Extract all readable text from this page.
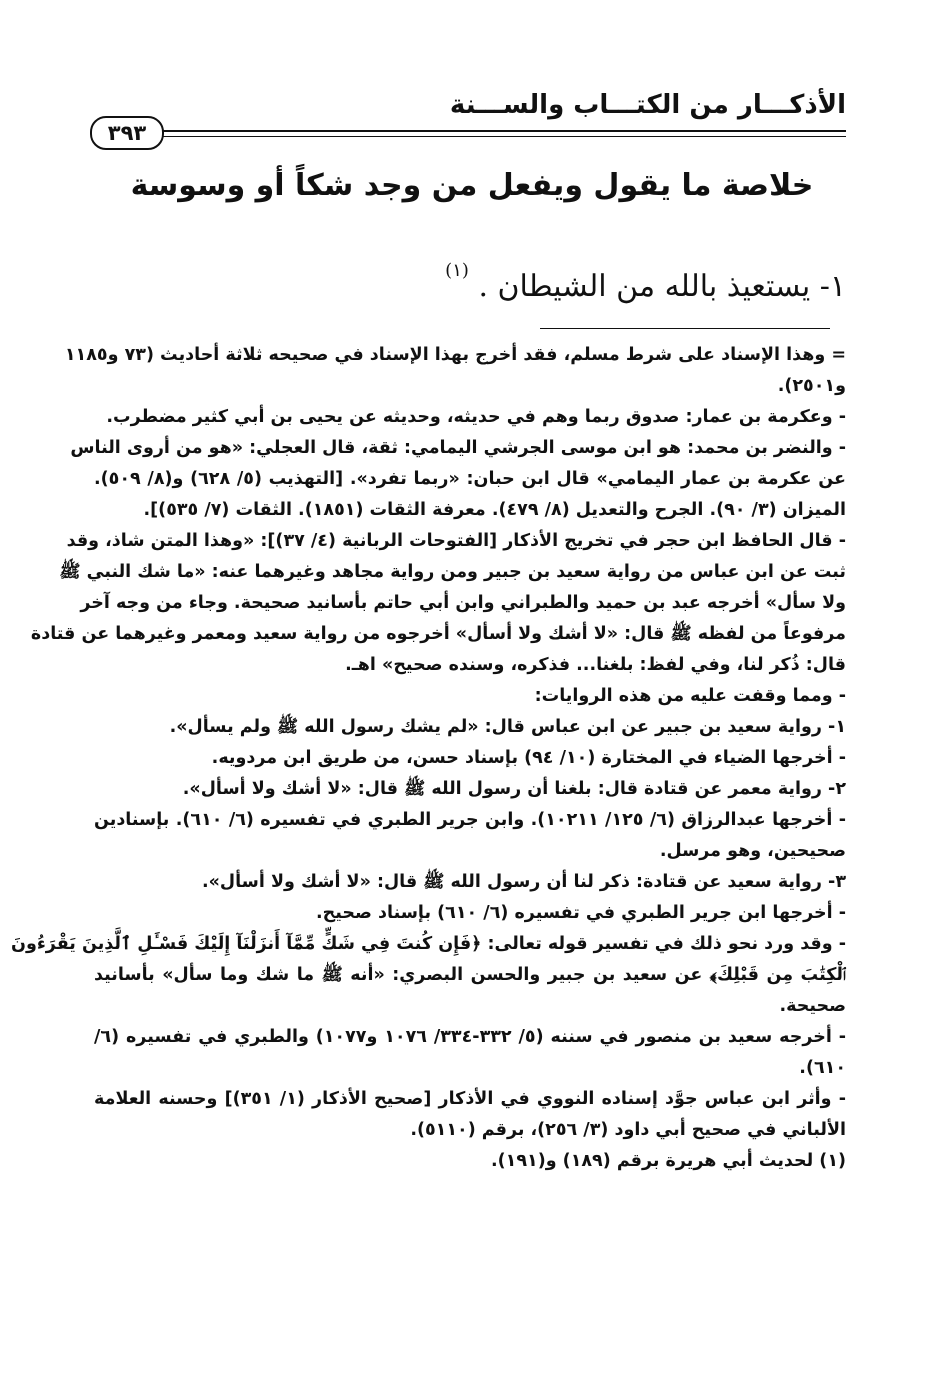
الأذكـــار من الكتـــاب والســـنة
٣٩٣
خلاصة ما يقول ويفعل من وجد شكاً أو وسوسة
١- يستعيذ بالله من الشيطان . $^{(١)}$
= وهذا الإسناد على شرط مسلم، فقد أخرج بهذا الإسناد في صحيحه ثلاثة أحاديث (٧٣ و١١٨٥
و٢٥٠١).
- وعكرمة بن عمار: صدوق ربما وهم في حديثه، وحديثه عن يحيى بن أبي كثير مضطرب.
- والنضر بن محمد: هو ابن موسى الجرشي اليمامي: ثقة، قال العجلي: «هو من أروى الناس
عن عكرمة بن عمار اليمامي» قال ابن حبان: «ربما تفرد». [التهذيب (٥/ ٦٢٨) و(٨/ ٥٠٩).
الميزان (٣/ ٩٠). الجرح والتعديل (٨/ ٤٧٩). معرفة الثقات (١٨٥١). الثقات (٧/ ٥٣٥)].
- قال الحافظ ابن حجر في تخريج الأذكار [الفتوحات الربانية (٤/ ٣٧)]: «وهذا المتن شاذ، وقد
ثبت عن ابن عباس من رواية سعيد بن جبير ومن رواية مجاهد وغيرهما عنه: «ما شك النبي ﷺ
ولا سأل» أخرجه عبد بن حميد والطبراني وابن أبي حاتم بأسانيد صحيحة. وجاء من وجه آخر
مرفوعاً من لفظه ﷺ قال: «لا أشك ولا أسأل» أخرجوه من رواية سعيد ومعمر وغيرهما عن قتادة
قال: ذُكر لنا، وفي لفظ: بلغنا... فذكره، وسنده صحيح» اهـ.
- ومما وقفت عليه من هذه الروايات:
١- رواية سعيد بن جبير عن ابن عباس قال: «لم يشك رسول الله ﷺ ولم يسأل».
- أخرجها الضياء في المختارة (١٠/ ٩٤) بإسناد حسن، من طريق ابن مردويه.
٢- رواية معمر عن قتادة قال: بلغنا أن رسول الله ﷺ قال: «لا أشك ولا أسأل».
- أخرجها عبدالرزاق (٦/ ١٢٥/ ١٠٢١١). وابن جرير الطبري في تفسيره (٦/ ٦١٠). بإسنادين
صحيحين، وهو مرسل.
٣- رواية سعيد عن قتادة: ذكر لنا أن رسول الله ﷺ قال: «لا أشك ولا أسأل».
- أخرجها ابن جرير الطبري في تفسيره (٦/ ٦١٠) بإسناد صحيح.
- وقد ورد نحو ذلك في تفسير قوله تعالى: ﴿فَإِن كُنتَ فِي شَكٍّ مِّمَّآ أَنزَلْنَآ إِلَيْكَ فَسْـَٔلِ ٱلَّذِينَ يَقْرَءُونَ
ٱلْكِتَٰبَ مِن قَبْلِكَ﴾ عن سعيد بن جبير والحسن البصري: «أنه ﷺ ما شك وما سأل» بأسانيد
صحيحة.
- أخرجه سعيد بن منصور في سننه (٥/ ٣٣٢-٣٣٤/ ١٠٧٦ و١٠٧٧) والطبري في تفسيره (٦/
٦١٠).
- وأثر ابن عباس جوَّد إسناده النووي في الأذكار [صحيح الأذكار (١/ ٣٥١)] وحسنه العلامة
الألباني في صحيح أبي داود (٣/ ٢٥٦)، برقم (٥١١٠).
(١) لحديث أبي هريرة برقم (١٨٩) و(١٩١).
